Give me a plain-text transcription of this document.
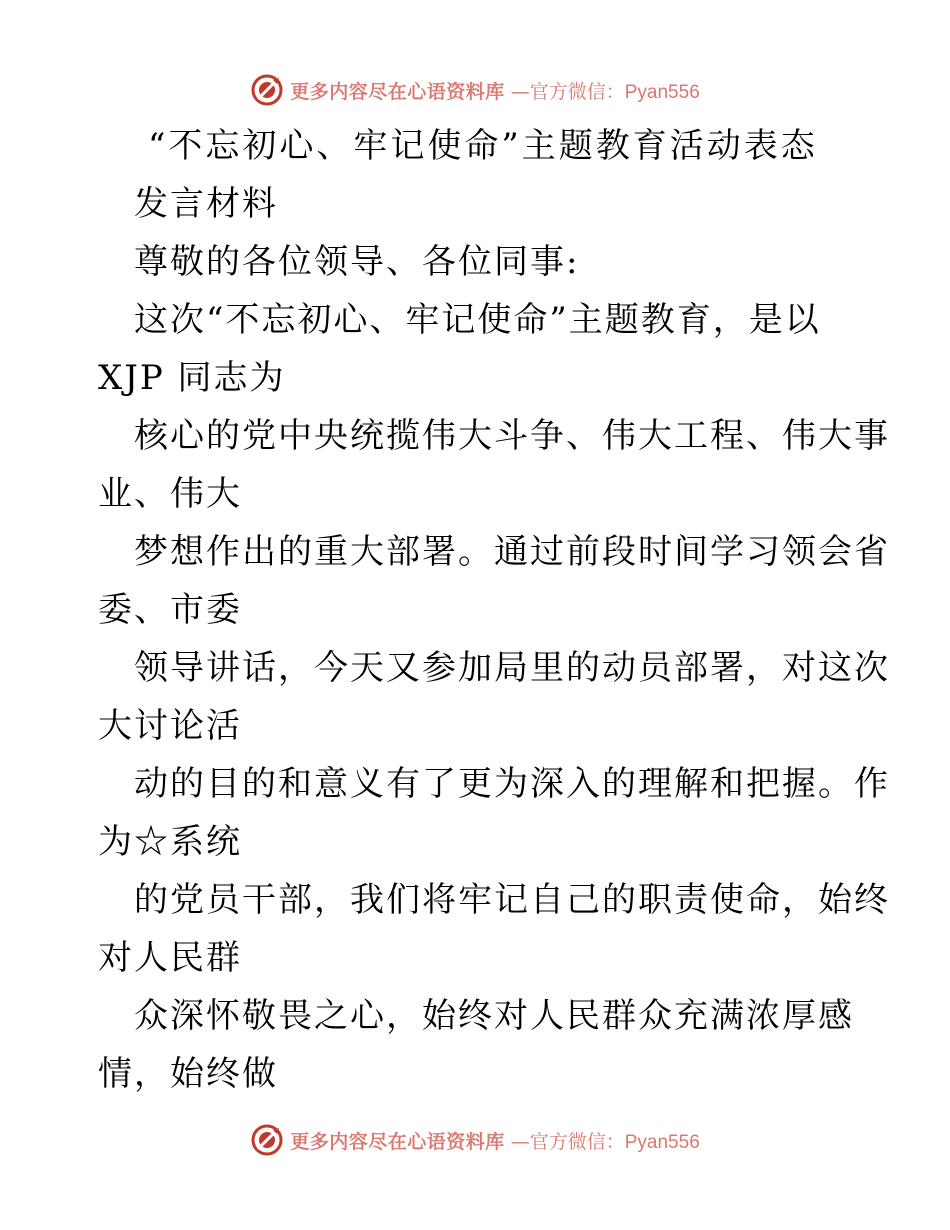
更多内容尽在心语资料库 —官方微信：Pyan556
“不忘初心、牢记使命”主题教育活动表态
发言材料
尊敬的各位领导、各位同事:
这次“不忘初心、牢记使命”主题教育，是以
XJP 同志为
核心的党中央统揽伟大斗争、伟大工程、伟大事
业、伟大
梦想作出的重大部署。通过前段时间学习领会省
委、市委
领导讲话，今天又参加局里的动员部署，对这次
大讨论活
动的目的和意义有了更为深入的理解和把握。作
为☆系统
的党员干部，我们将牢记自己的职责使命，始终
对人民群
众深怀敬畏之心，始终对人民群众充满浓厚感
情，始终做
更多内容尽在心语资料库 —官方微信：Pyan556
